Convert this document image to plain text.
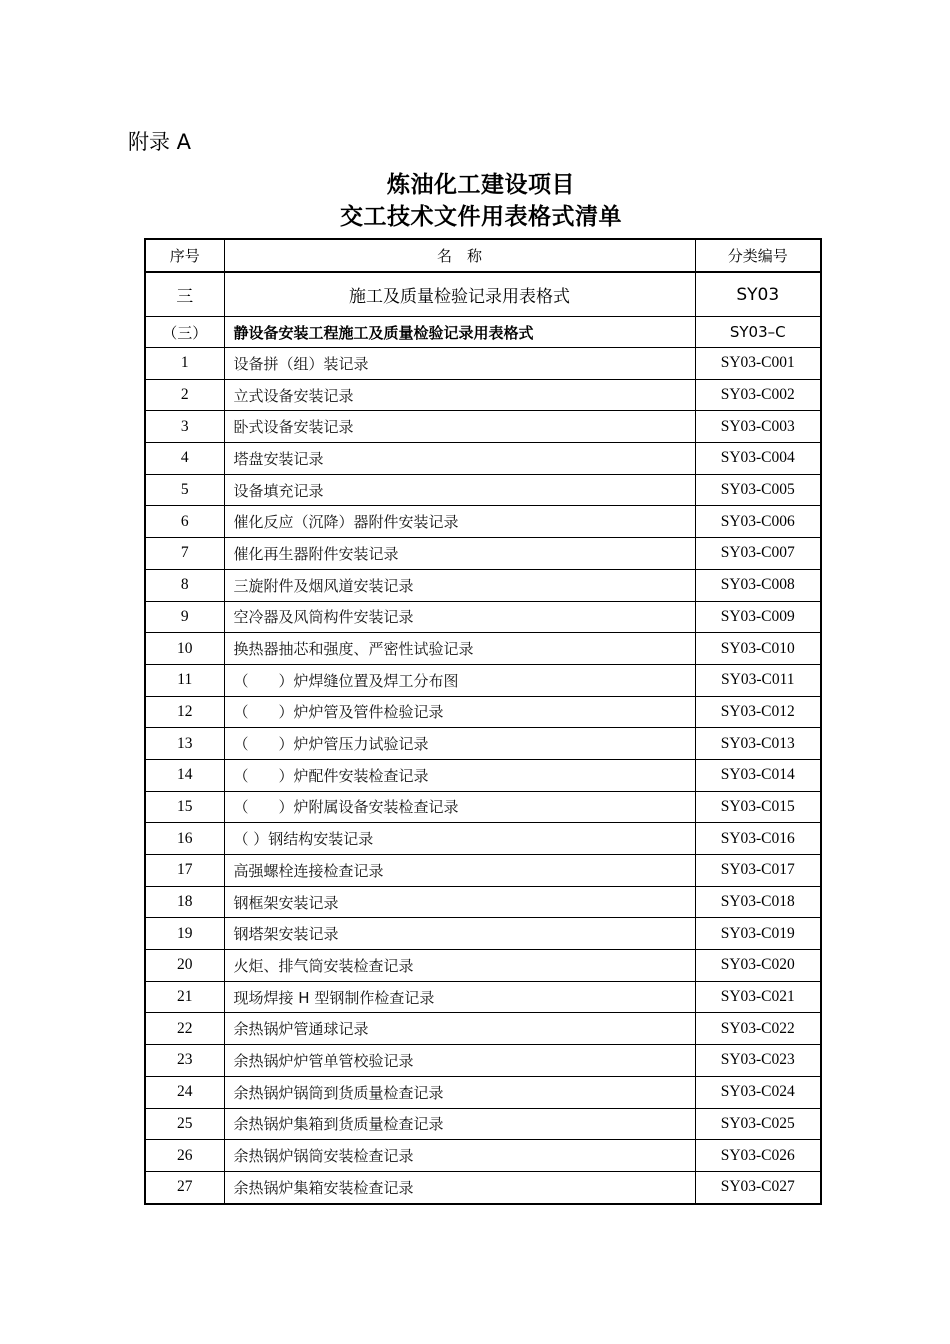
附录 A
炼油化工建设项目
交工技术文件用表格式清单
序号	名　称	分类编号
三	施工及质量检验记录用表格式	SY03
（三）	静设备安装工程施工及质量检验记录用表格式	SY03–C
1	设备拼（组）装记录	SY03-C001
2	立式设备安装记录	SY03-C002
3	卧式设备安装记录	SY03-C003
4	塔盘安装记录	SY03-C004
5	设备填充记录	SY03-C005
6	催化反应（沉降）器附件安装记录	SY03-C006
7	催化再生器附件安装记录	SY03-C007
8	三旋附件及烟风道安装记录	SY03-C008
9	空冷器及风筒构件安装记录	SY03-C009
10	换热器抽芯和强度、严密性试验记录	SY03-C010
11	（　　）炉焊缝位置及焊工分布图	SY03-C011
12	（　　）炉炉管及管件检验记录	SY03-C012
13	（　　）炉炉管压力试验记录	SY03-C013
14	（　　）炉配件安装检查记录	SY03-C014
15	（　　）炉附属设备安装检查记录	SY03-C015
16	（ ）钢结构安装记录	SY03-C016
17	高强螺栓连接检查记录	SY03-C017
18	钢框架安装记录	SY03-C018
19	钢塔架安装记录	SY03-C019
20	火炬、排气筒安装检查记录	SY03-C020
21	现场焊接 H 型钢制作检查记录	SY03-C021
22	余热锅炉管通球记录	SY03-C022
23	余热锅炉炉管单管校验记录	SY03-C023
24	余热锅炉锅筒到货质量检查记录	SY03-C024
25	余热锅炉集箱到货质量检查记录	SY03-C025
26	余热锅炉锅筒安装检查记录	SY03-C026
27	余热锅炉集箱安装检查记录	SY03-C027
